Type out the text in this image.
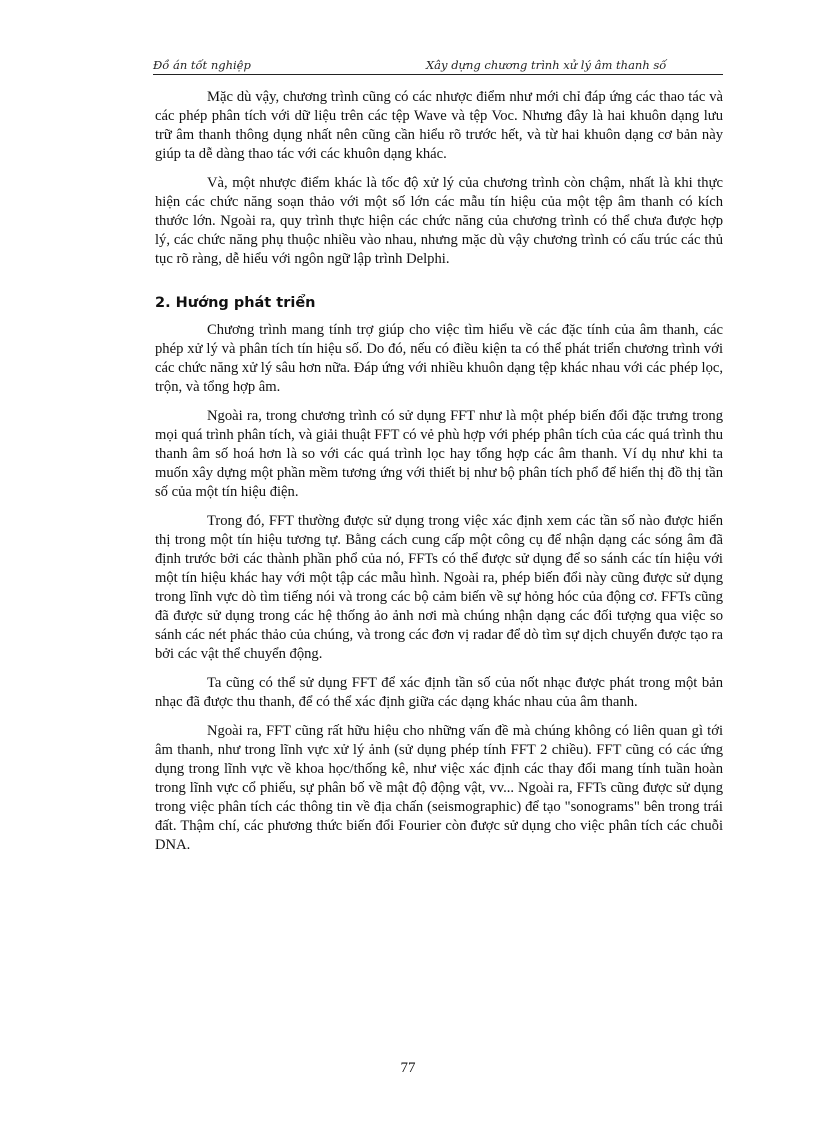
Đồ án tốt nghiệp	Xây dựng chương trình xử lý âm thanh số

Mặc dù vậy, chương trình cũng có các nhược điểm như mới chỉ đáp ứng các thao tác và các phép phân tích với dữ liệu trên các tệp Wave và tệp Voc. Nhưng đây là hai khuôn dạng lưu trữ âm thanh thông dụng nhất nên cũng cần hiểu rõ trước hết, và từ hai khuôn dạng cơ bản này giúp ta dễ dàng thao tác với các khuôn dạng khác.

Và, một nhược điểm khác là tốc độ xử lý của chương trình còn chậm, nhất là khi thực hiện các chức năng soạn thảo với một số lớn các mẫu tín hiệu của một tệp âm thanh có kích thước lớn. Ngoài ra, quy trình thực hiện các chức năng của chương trình có thể chưa được hợp lý, các chức năng phụ thuộc nhiều vào nhau, nhưng mặc dù vậy chương trình có cấu trúc các thủ tục rõ ràng, dễ hiểu với ngôn ngữ lập trình Delphi.

2. Hướng phát triển

Chương trình mang tính trợ giúp cho việc tìm hiểu về các đặc tính của âm thanh, các phép xử lý và phân tích tín hiệu số. Do đó, nếu có điều kiện ta có thể phát triển chương trình với các chức năng xử lý sâu hơn nữa. Đáp ứng với nhiều khuôn dạng tệp khác nhau với các phép lọc, trộn, và tổng hợp âm.

Ngoài ra, trong chương trình có sử dụng FFT như là một phép biến đổi đặc trưng trong mọi quá trình phân tích, và giải thuật FFT có vẻ phù hợp với phép phân tích của các quá trình thu thanh âm số hoá hơn là so với các quá trình lọc hay tổng hợp các âm thanh. Ví dụ như khi ta muốn xây dựng một phần mềm tương ứng với thiết bị như bộ phân tích phổ để hiển thị đồ thị tần số của một tín hiệu điện.

Trong đó, FFT thường được sử dụng trong việc xác định xem các tần số nào được hiển thị trong một tín hiệu tương tự. Bằng cách cung cấp một công cụ để nhận dạng các sóng âm đã định trước bởi các thành phần phổ của nó, FFTs có thể được sử dụng để so sánh các tín hiệu với một tín hiệu khác hay với một tập các mẫu hình. Ngoài ra, phép biến đổi này cũng được sử dụng trong lĩnh vực dò tìm tiếng nói và trong các bộ cảm biến về sự hỏng hóc của động cơ. FFTs cũng đã được sử dụng trong các hệ thống ảo ảnh nơi mà chúng nhận dạng các đối tượng qua việc so sánh các nét phác thảo của chúng, và trong các đơn vị radar để dò tìm sự dịch chuyển được tạo ra bởi các vật thể chuyển động.

Ta cũng có thể sử dụng FFT để xác định tần số của nốt nhạc được phát trong một bản nhạc đã được thu thanh, để có thể xác định giữa các dạng khác nhau của âm thanh.

Ngoài ra, FFT cũng rất hữu hiệu cho những vấn đề mà chúng không có liên quan gì tới âm thanh, như trong lĩnh vực xử lý ảnh (sử dụng phép tính FFT 2 chiều). FFT cũng có các ứng dụng trong lĩnh vực về khoa học/thống kê, như việc xác định các thay đổi mang tính tuần hoàn trong lĩnh vực cổ phiếu, sự phân bố về mật độ động vật, vv... Ngoài ra, FFTs cũng được sử dụng trong việc phân tích các thông tin về địa chấn (seismographic) để tạo "sonograms" bên trong trái đất. Thậm chí, các phương thức biến đổi Fourier còn được sử dụng cho việc phân tích các chuỗi DNA.

77
